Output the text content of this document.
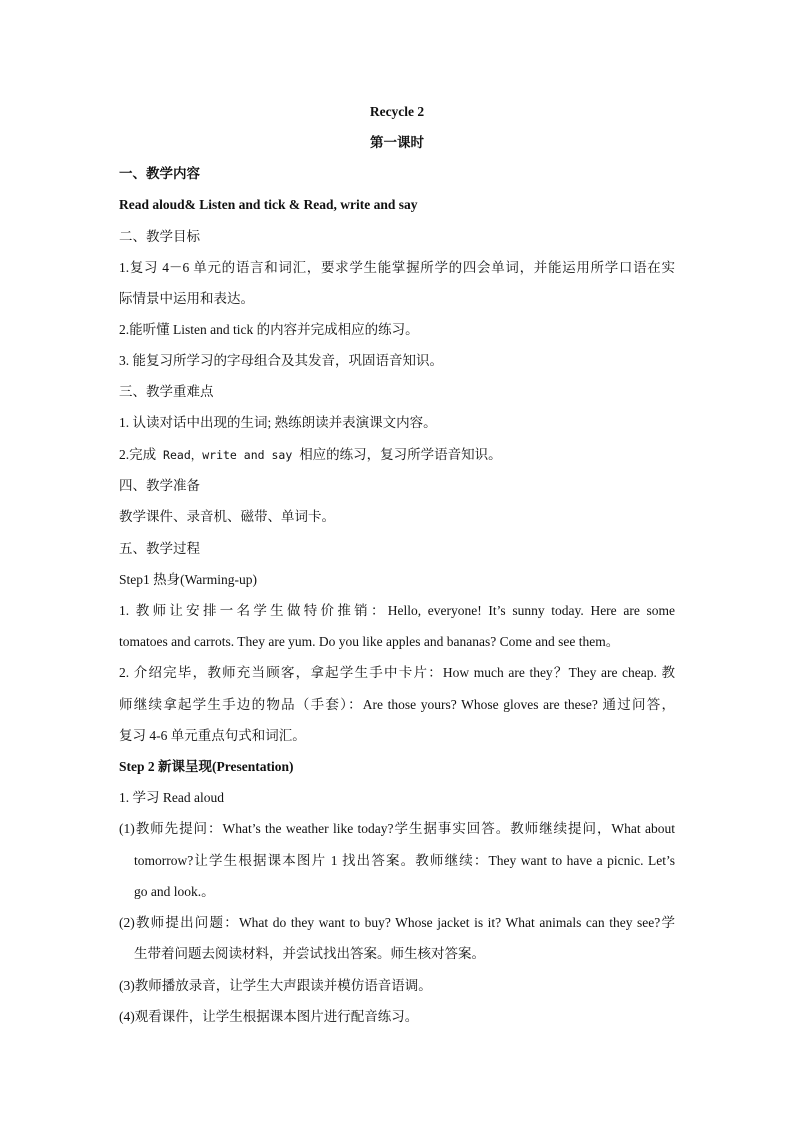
Recycle 2
第一课时
一、教学内容
Read aloud& Listen and tick & Read, write and say
二、教学目标
1.复习 4－6 单元的语言和词汇，要求学生能掌握所学的四会单词，并能运用所学口语在实
际情景中运用和表达。
2.能听懂 Listen and tick 的内容并完成相应的练习。
3. 能复习所学习的字母组合及其发音，巩固语音知识。
三、教学重难点
1. 认读对话中出现的生词; 熟练朗读并表演课文内容。
2.完成 Read，write and say 相应的练习，复习所学语音知识。
四、教学准备
教学课件、录音机、磁带、单词卡。
五、教学过程
Step1 热身(Warming-up)
1. 教师让安排一名学生做特价推销：Hello, everyone! It’s sunny today. Here are some
tomatoes and carrots. They are yum. Do you like apples and bananas? Come and see them。
2. 介绍完毕，教师充当顾客，拿起学生手中卡片：How much are they？They are cheap. 教
师继续拿起学生手边的物品（手套）：Are those yours? Whose gloves are these? 通过问答，
复习 4-6 单元重点句式和词汇。
Step 2 新课呈现(Presentation)
1. 学习 Read aloud
(1)教师先提问：What’s the weather like today?学生据事实回答。教师继续提问，What about
tomorrow?让学生根据课本图片 1 找出答案。教师继续：They want to have a picnic. Let’s
go and look.。
(2)教师提出问题：What do they want to buy? Whose jacket is it? What animals can they see?学
生带着问题去阅读材料，并尝试找出答案。师生核对答案。
(3)教师播放录音，让学生大声跟读并模仿语音语调。
(4)观看课件，让学生根据课本图片进行配音练习。
